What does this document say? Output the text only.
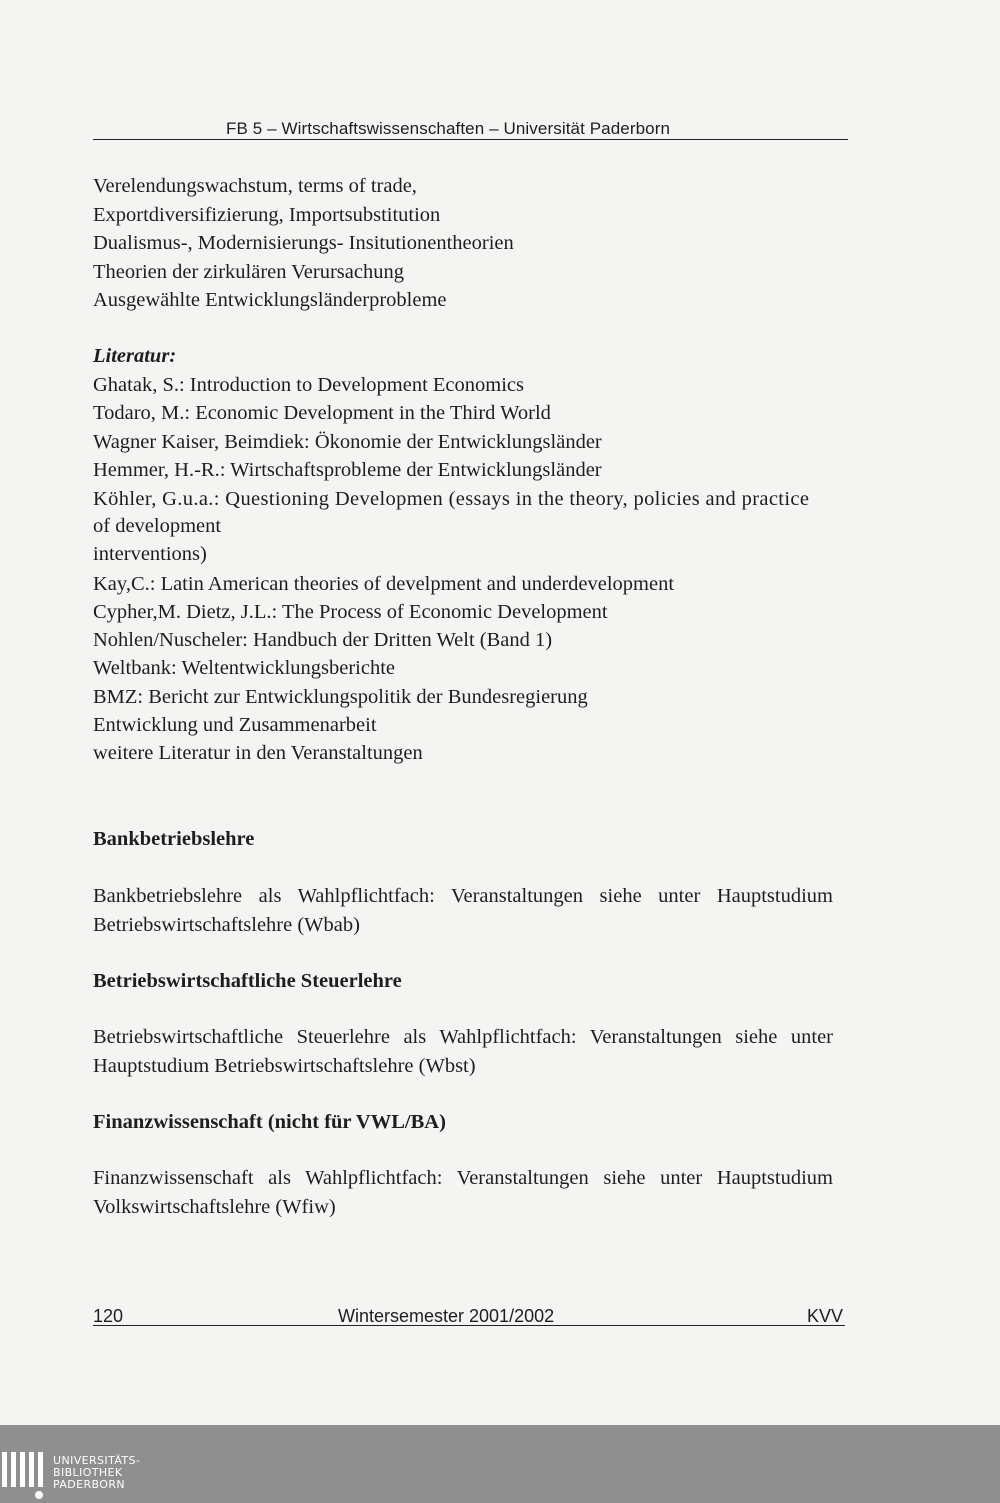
FB 5 – Wirtschaftswissenschaften – Universität Paderborn
Verelendungswachstum, terms of trade,
Exportdiversifizierung, Importsubstitution
Dualismus-, Modernisierungs- Insitutionentheorien
Theorien der zirkulären Verursachung
Ausgewählte Entwicklungsländerprobleme
Literatur:
Ghatak, S.: Introduction to Development Economics
Todaro, M.: Economic Development in the Third World
Wagner Kaiser, Beimdiek: Ökonomie der Entwicklungsländer
Hemmer, H.-R.: Wirtschaftsprobleme der Entwicklungsländer
Köhler, G.u.a.: Questioning Developmen (essays in the theory, policies and practice
of development
interventions)
Kay,C.: Latin American theories of develpment and underdevelopment
Cypher,M. Dietz, J.L.: The Process of Economic Development
Nohlen/Nuscheler: Handbuch der Dritten Welt (Band 1)
Weltbank: Weltentwicklungsberichte
BMZ: Bericht zur Entwicklungspolitik der Bundesregierung
Entwicklung und Zusammenarbeit
weitere Literatur in den Veranstaltungen
Bankbetriebslehre
Bankbetriebslehre als Wahlpflichtfach: Veranstaltungen siehe unter Hauptstudium Betriebswirtschaftslehre (Wbab)
Betriebswirtschaftliche Steuerlehre
Betriebswirtschaftliche Steuerlehre als Wahlpflichtfach: Veranstaltungen siehe unter Hauptstudium Betriebswirtschaftslehre (Wbst)
Finanzwissenschaft (nicht für VWL/BA)
Finanzwissenschaft als Wahlpflichtfach: Veranstaltungen siehe unter Hauptstudium Volkswirtschaftslehre (Wfiw)
120	Wintersemester 2001/2002	KVV
UNIVERSITÄTS-
BIBLIOTHEK
PADERBORN
